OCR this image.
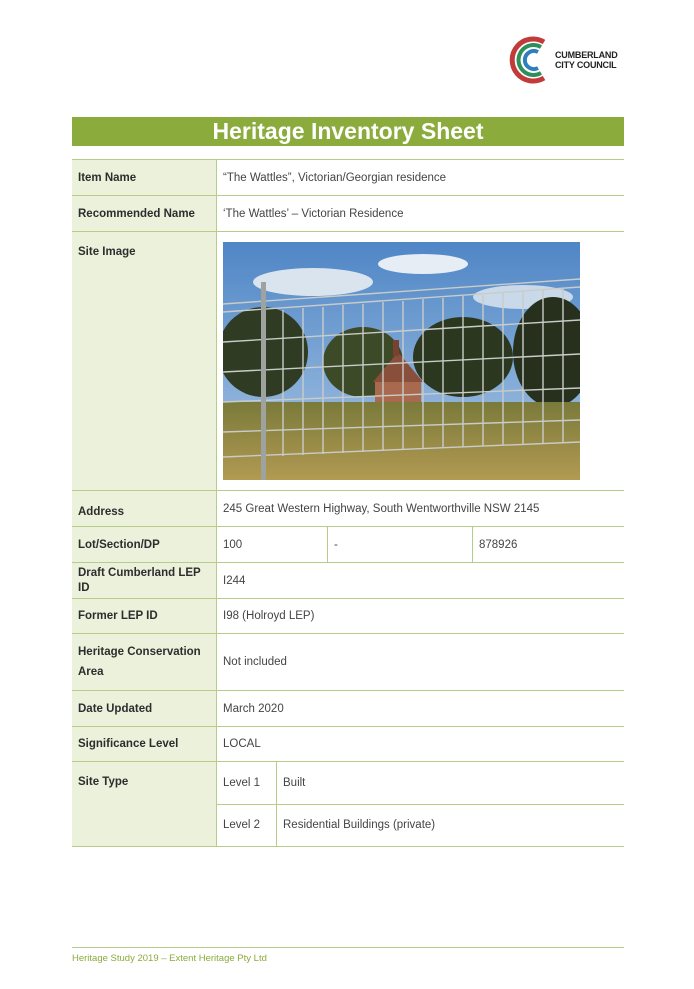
CUMBERLAND
CITY COUNCIL
Heritage Inventory Sheet
Item Name	“The Wattles”, Victorian/Georgian residence
Recommended Name	‘The Wattles’ – Victorian Residence
Site Image	

Address	245 Great Western Highway, South Wentworthville NSW 2145
Lot/Section/DP		100	-	878926

Draft Cumberland LEP ID	I244
Former LEP ID	I98 (Holroyd LEP)
Heritage Conservation Area	Not included
Date Updated	March 2020
Significance Level	LOCAL
Site Type		Level 1	Built
Level 2	Residential Buildings (private)
Heritage Study 2019 – Extent Heritage Pty Ltd
